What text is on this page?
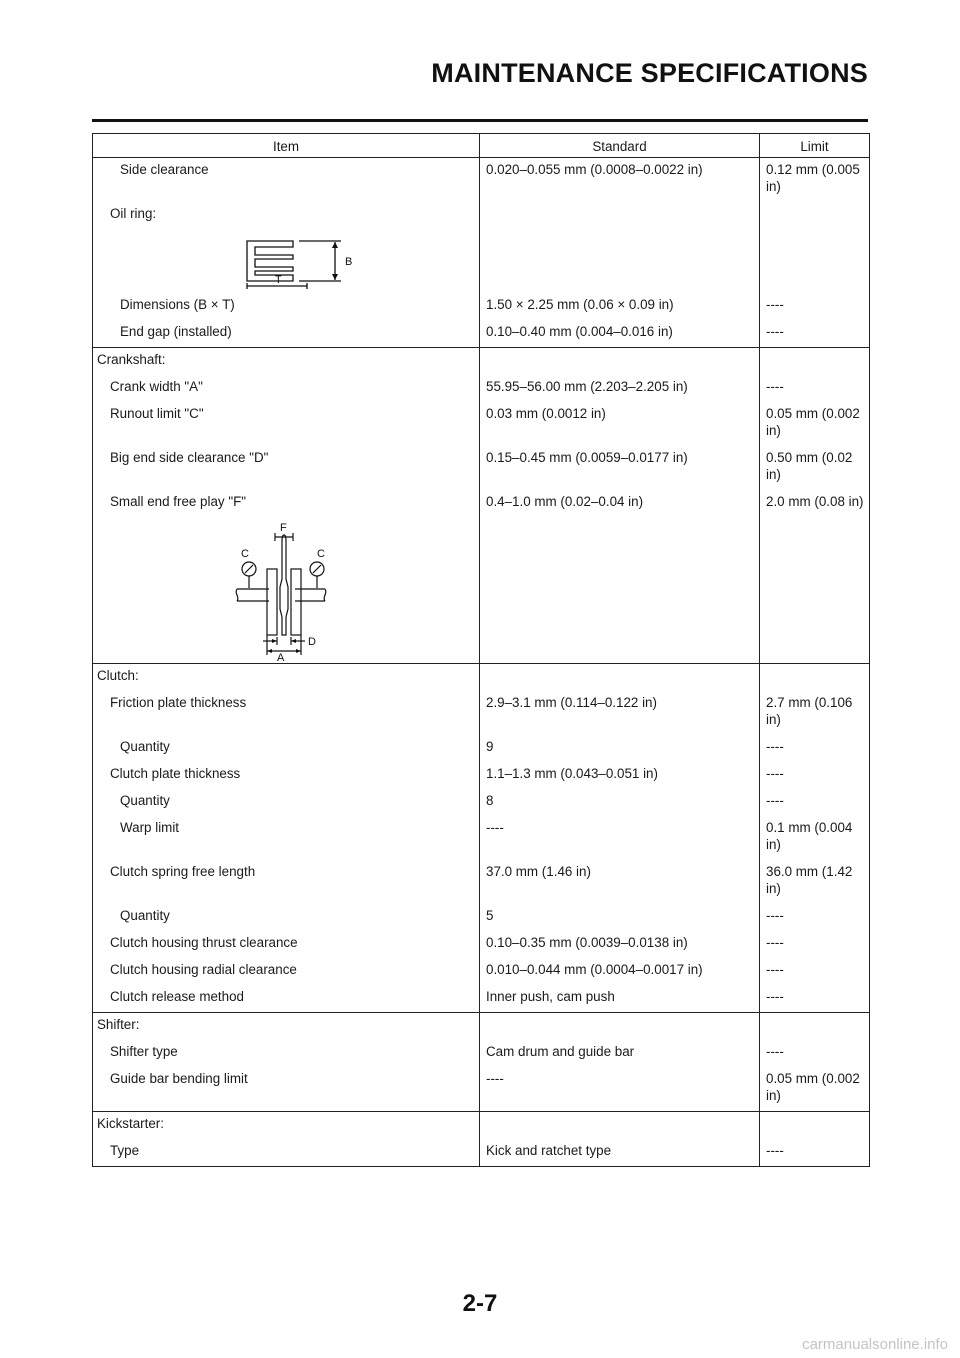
MAINTENANCE SPECIFICATIONS
Item	Standard	Limit
Side clearance	0.020–0.055 mm (0.0008–0.0022 in)	0.12 mm (0.005 in)
Oil ring:		

B
T		

Dimensions (B × T)	1.50 × 2.25 mm (0.06 × 0.09 in)	----
End gap (installed)	0.10–0.40 mm (0.004–0.016 in)	----
Crankshaft:		
Crank width "A"	55.95–56.00 mm (2.203–2.205 in)	----
Runout limit "C"	0.03 mm (0.0012 in)	0.05 mm (0.002 in)
Big end side clearance "D"	0.15–0.45 mm (0.0059–0.0177 in)	0.50 mm (0.02 in)
Small end free play "F"	0.4–1.0 mm (0.02–0.04 in)	2.0 mm (0.08 in)

F
C C
D
A		

Clutch:		
Friction plate thickness	2.9–3.1 mm (0.114–0.122 in)	2.7 mm (0.106 in)
Quantity	9	----
Clutch plate thickness	1.1–1.3 mm (0.043–0.051 in)	----
Quantity	8	----
Warp limit	----	0.1 mm (0.004 in)
Clutch spring free length	37.0 mm (1.46 in)	36.0 mm (1.42 in)
Quantity	5	----
Clutch housing thrust clearance	0.10–0.35 mm (0.0039–0.0138 in)	----
Clutch housing radial clearance	0.010–0.044 mm (0.0004–0.0017 in)	----
Clutch release method	Inner push, cam push	----
Shifter:		
Shifter type	Cam drum and guide bar	----
Guide bar bending limit	----	0.05 mm (0.002 in)
Kickstarter:		
Type	Kick and ratchet type	----
2-7
carmanualsonline.info
